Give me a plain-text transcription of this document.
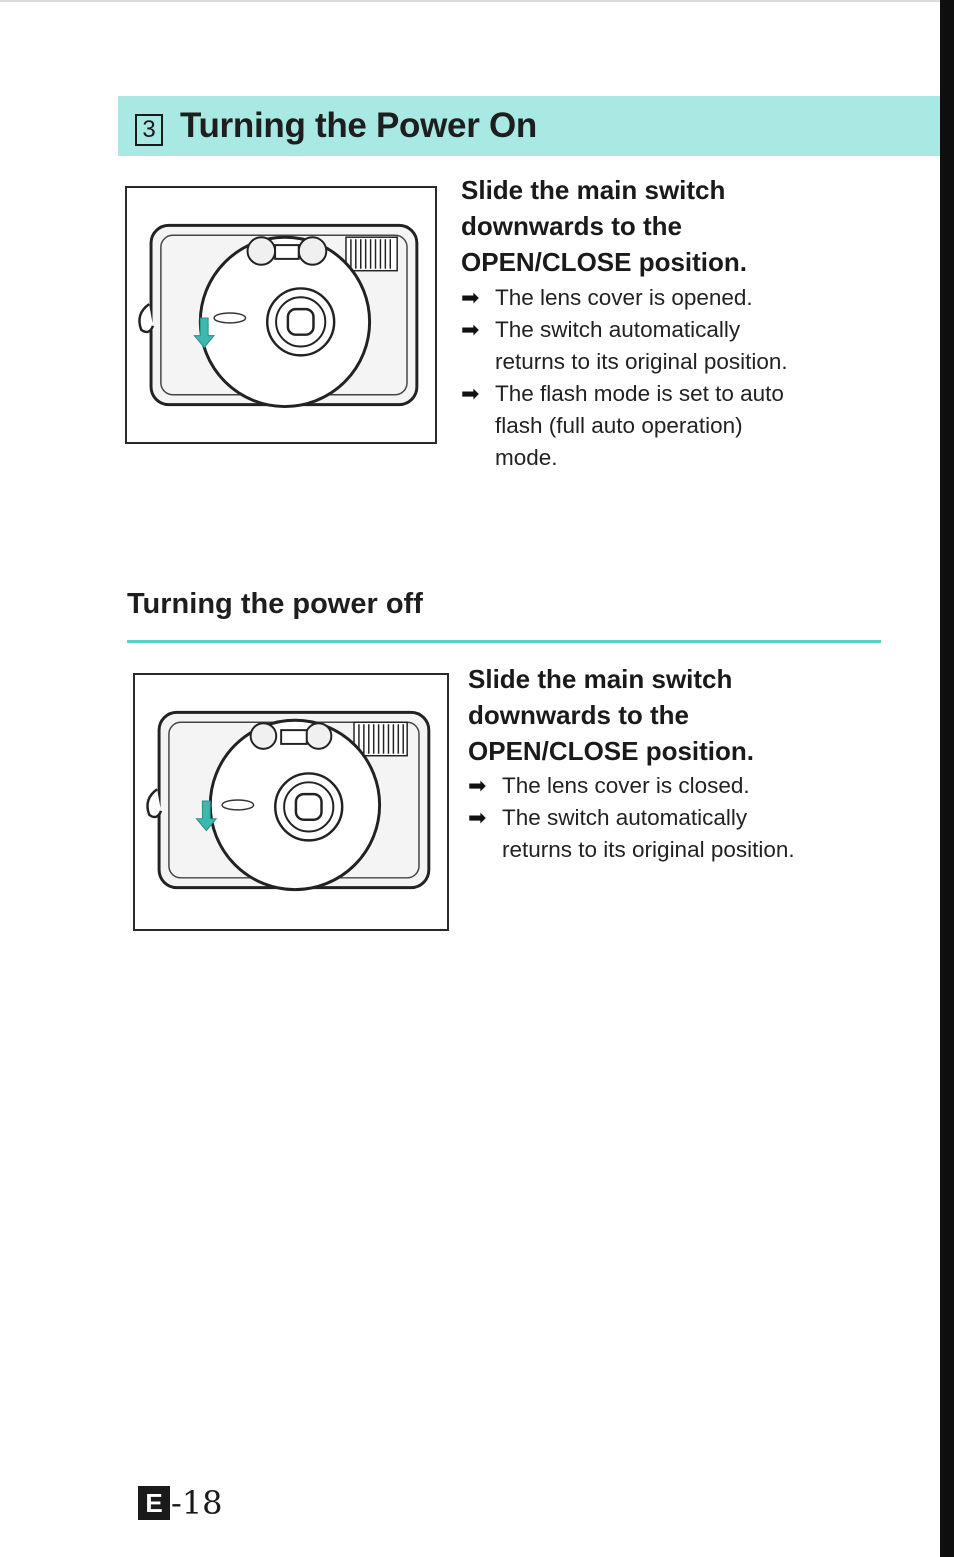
3 Turning the Power On
Slide the main switch
downwards to the
OPEN/CLOSE position.
➡ The lens cover is opened.
➡ The switch automatically
returns to its original position.
➡ The flash mode is set to auto
flash (full auto operation)
mode.
Turning the power off
Slide the main switch
downwards to the
OPEN/CLOSE position.
➡ The lens cover is closed.
➡ The switch automatically
returns to its original position.
E -18
